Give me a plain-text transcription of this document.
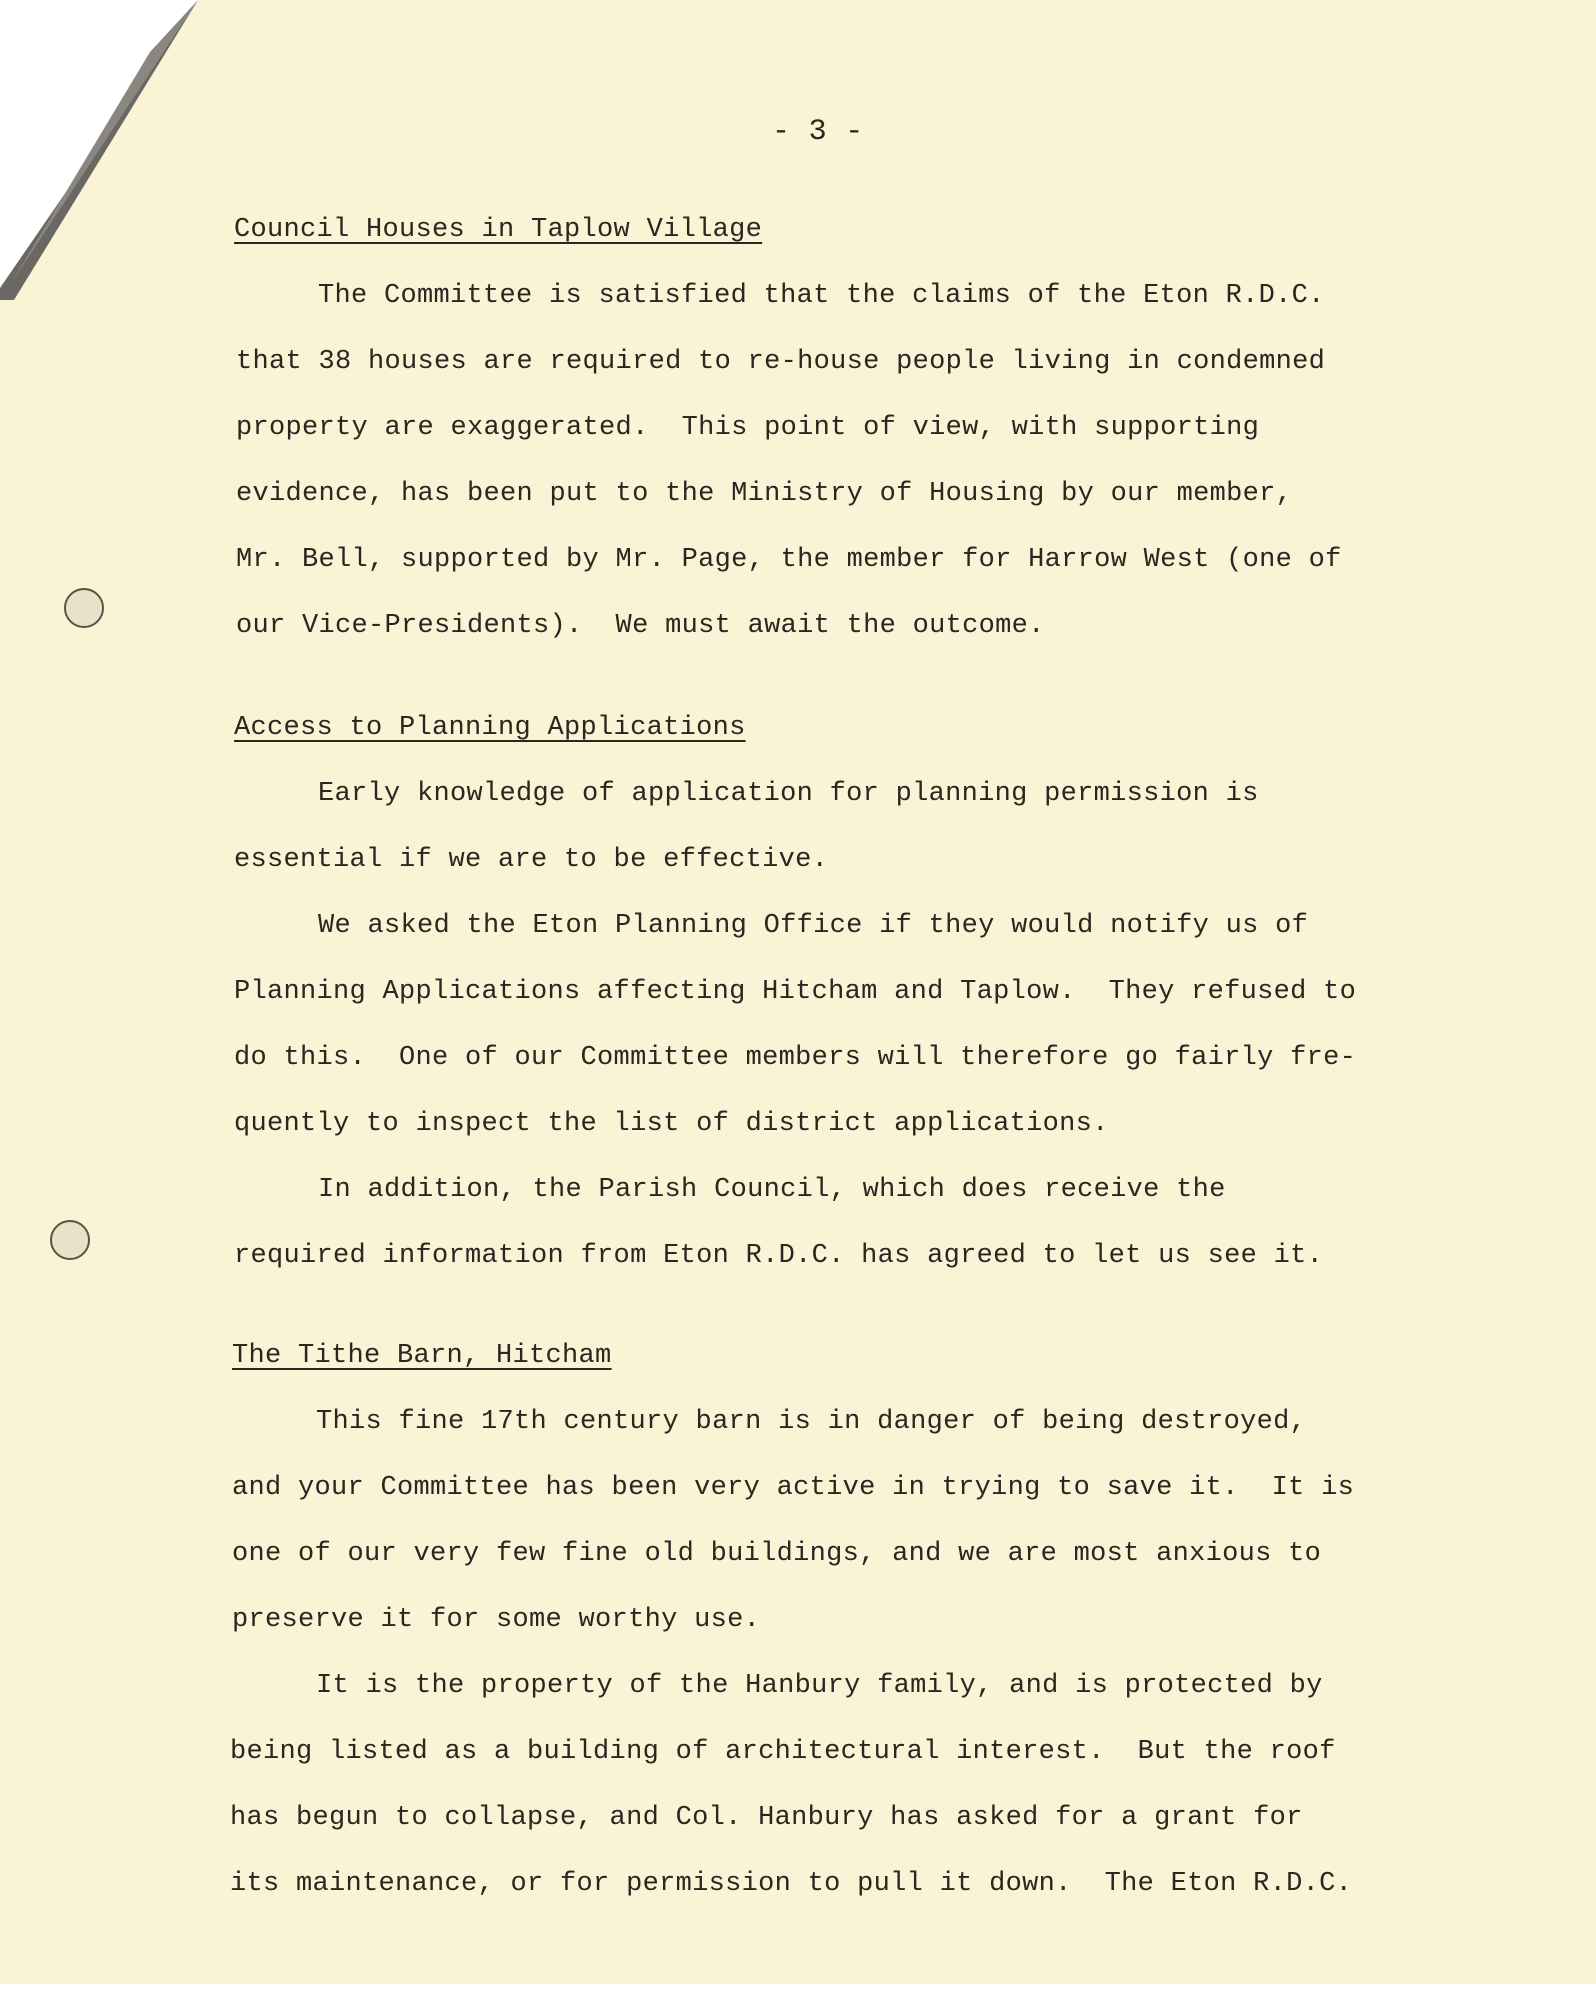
- 3 -
Council Houses in Taplow Village
The Committee is satisfied that the claims of the Eton R.D.C.
that 38 houses are required to re-house people living in condemned
property are exaggerated.  This point of view, with supporting
evidence, has been put to the Ministry of Housing by our member,
Mr. Bell, supported by Mr. Page, the member for Harrow West (one of
our Vice-Presidents).  We must await the outcome.
Access to Planning Applications
Early knowledge of application for planning permission is
essential if we are to be effective.
We asked the Eton Planning Office if they would notify us of
Planning Applications affecting Hitcham and Taplow.  They refused to
do this.  One of our Committee members will therefore go fairly fre-
quently to inspect the list of district applications.
In addition, the Parish Council, which does receive the
required information from Eton R.D.C. has agreed to let us see it.
The Tithe Barn, Hitcham
This fine 17th century barn is in danger of being destroyed,
and your Committee has been very active in trying to save it.  It is
one of our very few fine old buildings, and we are most anxious to
preserve it for some worthy use.
It is the property of the Hanbury family, and is protected by
being listed as a building of architectural interest.  But the roof
has begun to collapse, and Col. Hanbury has asked for a grant for
its maintenance, or for permission to pull it down.  The Eton R.D.C.
